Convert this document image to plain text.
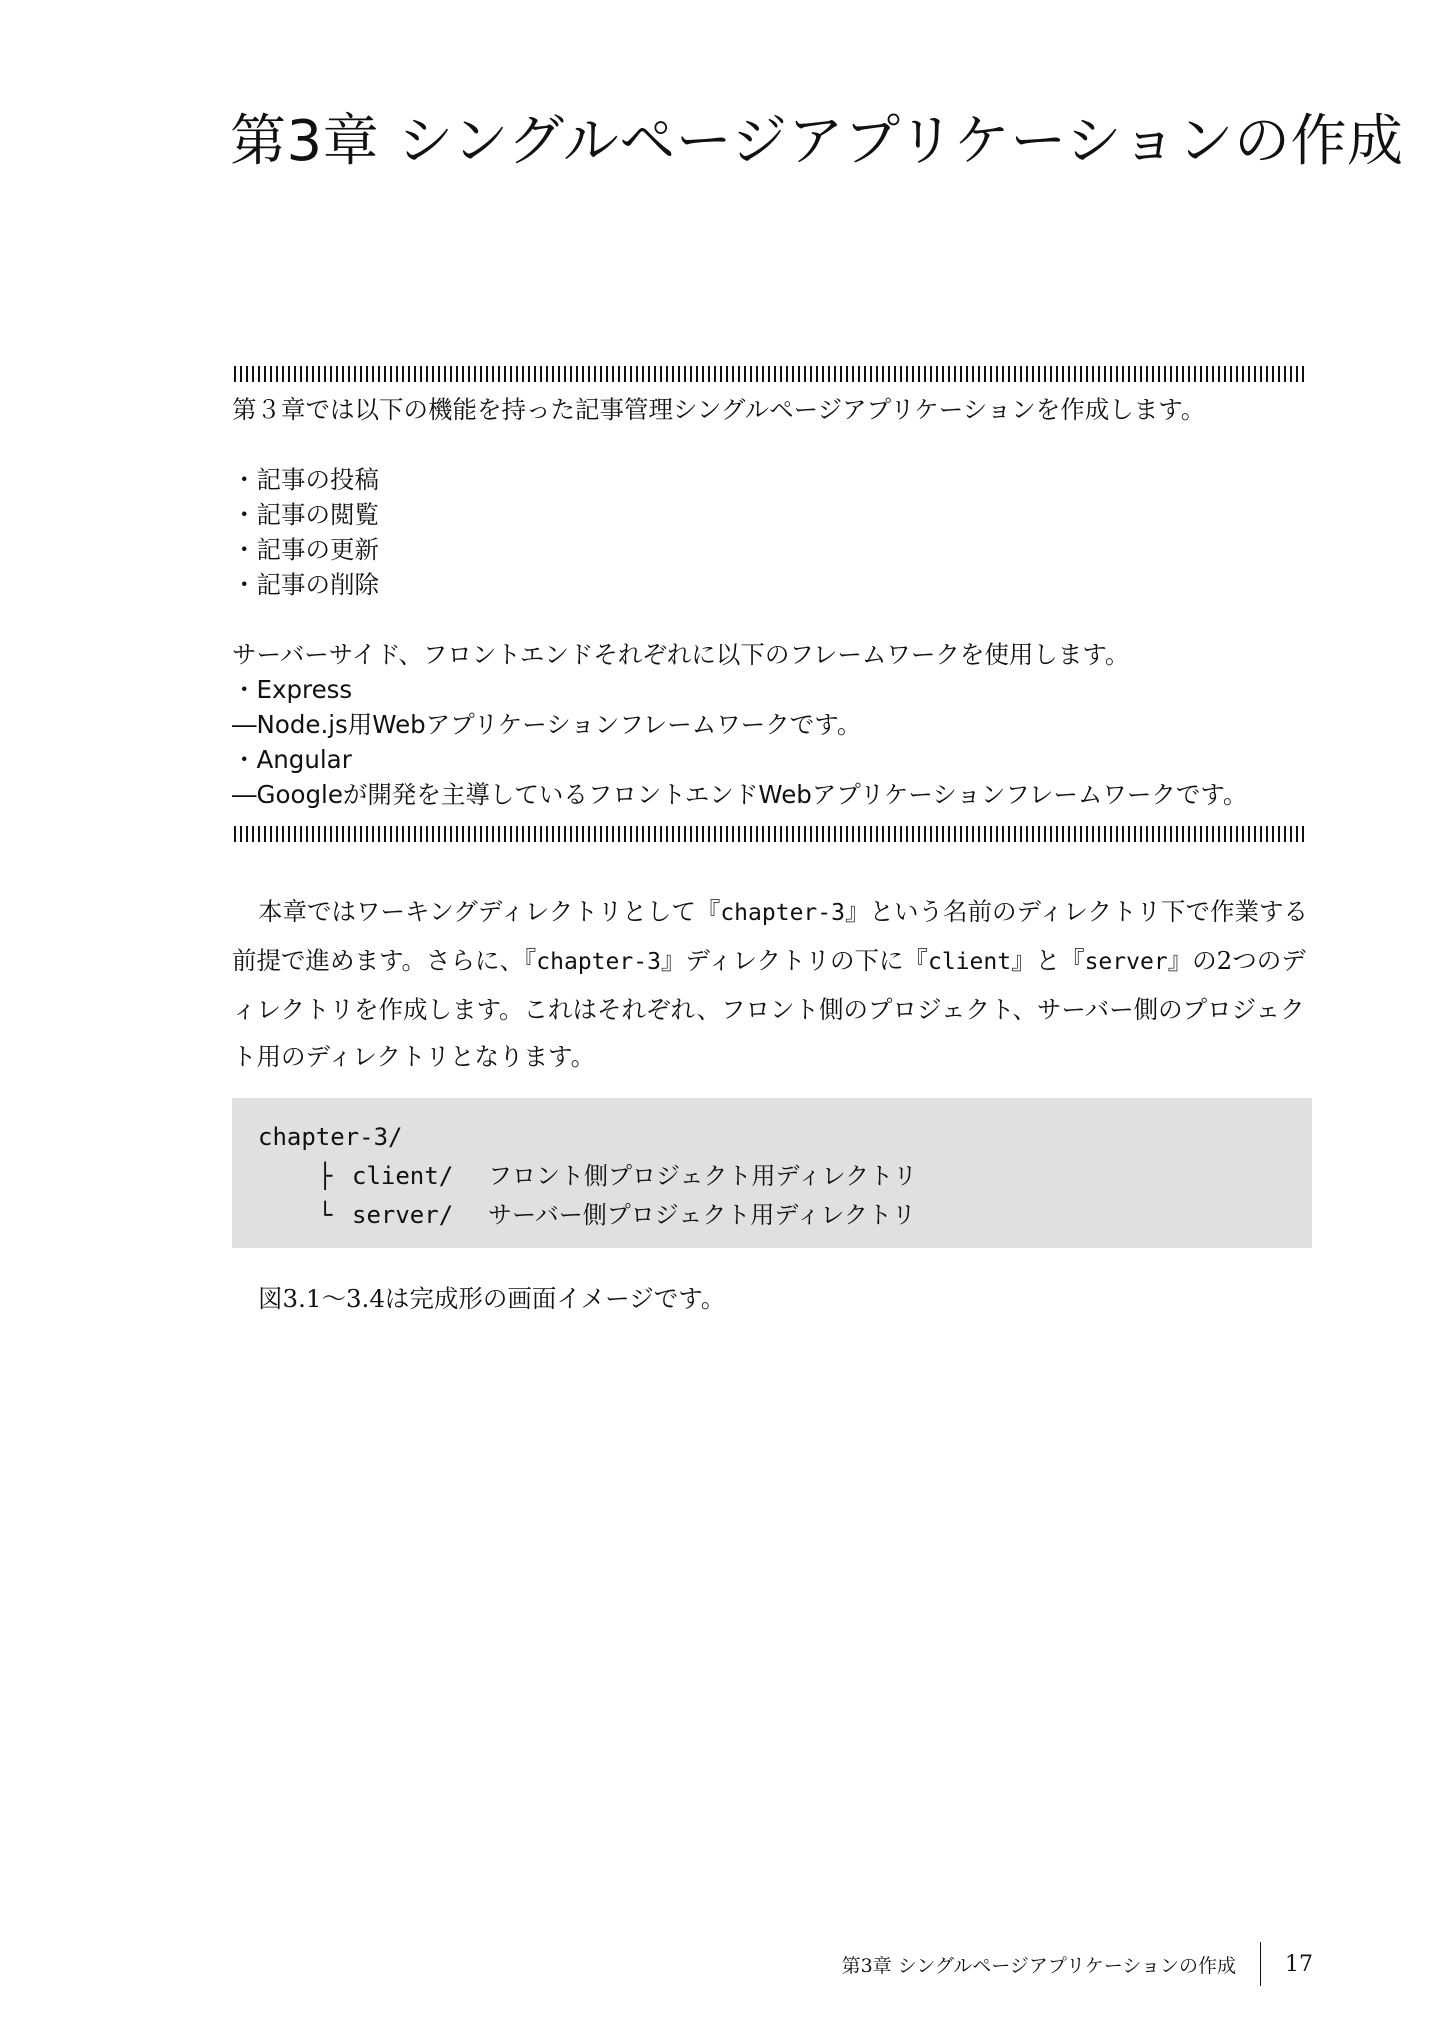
第3章 シングルページアプリケーションの作成

第３章では以下の機能を持った記事管理シングルページアプリケーションを作成します。

・記事の投稿

・記事の閲覧

・記事の更新

・記事の削除

サーバーサイド、フロントエンドそれぞれに以下のフレームワークを使用します。

・Express

―Node.js用Webアプリケーションフレームワークです。

・Angular

―Googleが開発を主導しているフロントエンドWebアプリケーションフレームワークです。

本章ではワーキングディレクトリとして『chapter-3』という名前のディレクトリ下で作業する前提で進めます。さらに、『chapter-3』ディレクトリの下に『client』と『server』の2つのディレクトリを作成します。これはそれぞれ、フロント側のプロジェクト、サーバー側のプロジェクト用のディレクトリとなります。

chapter-3/
├ client/ フロント側プロジェクト用ディレクトリ
└ server/ サーバー側プロジェクト用ディレクトリ

図3.1〜3.4は完成形の画面イメージです。

第3章 シングルページアプリケーションの作成 17
